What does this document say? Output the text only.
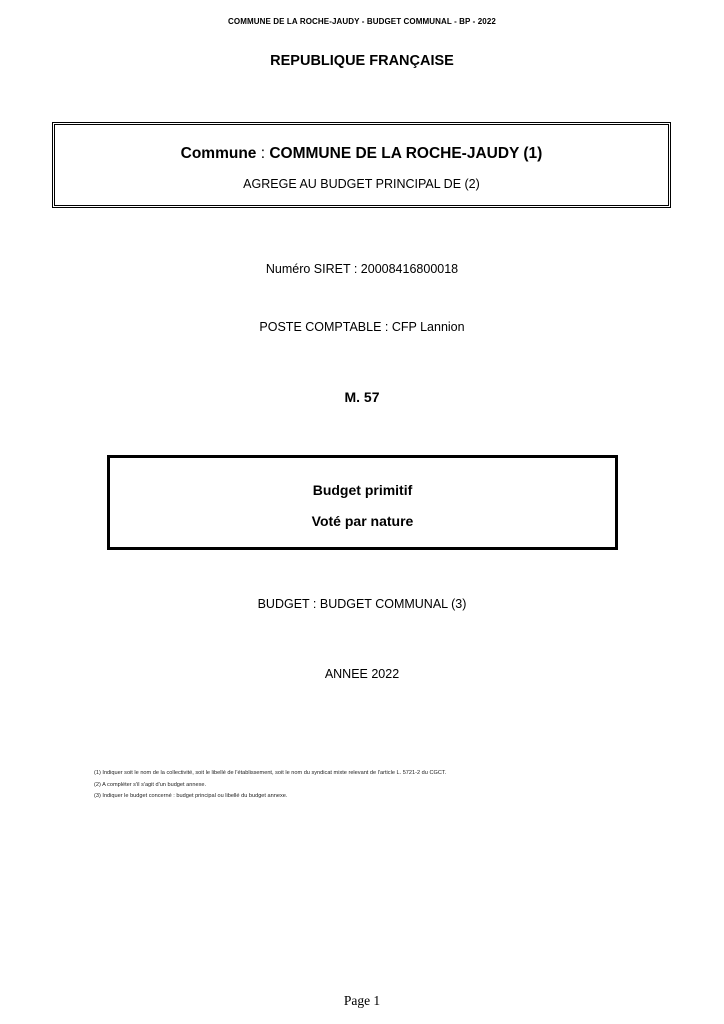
COMMUNE DE LA ROCHE-JAUDY - BUDGET COMMUNAL - BP - 2022
REPUBLIQUE FRANÇAISE
Commune : COMMUNE DE LA ROCHE-JAUDY (1)
AGREGE AU BUDGET PRINCIPAL DE (2)
Numéro SIRET : 20008416800018
POSTE COMPTABLE : CFP Lannion
M. 57
Budget primitif
Voté par nature
BUDGET : BUDGET COMMUNAL (3)
ANNEE 2022
(1) Indiquer soit le nom de la collectivité, soit le libellé de l'établissement, soit le nom du syndicat mixte relevant de l'article L. 5721-2 du CGCT.
(2) A compléter s'il s'agit d'un budget annexe.
(3) Indiquer le budget concerné : budget principal ou libellé du budget annexe.
Page 1
